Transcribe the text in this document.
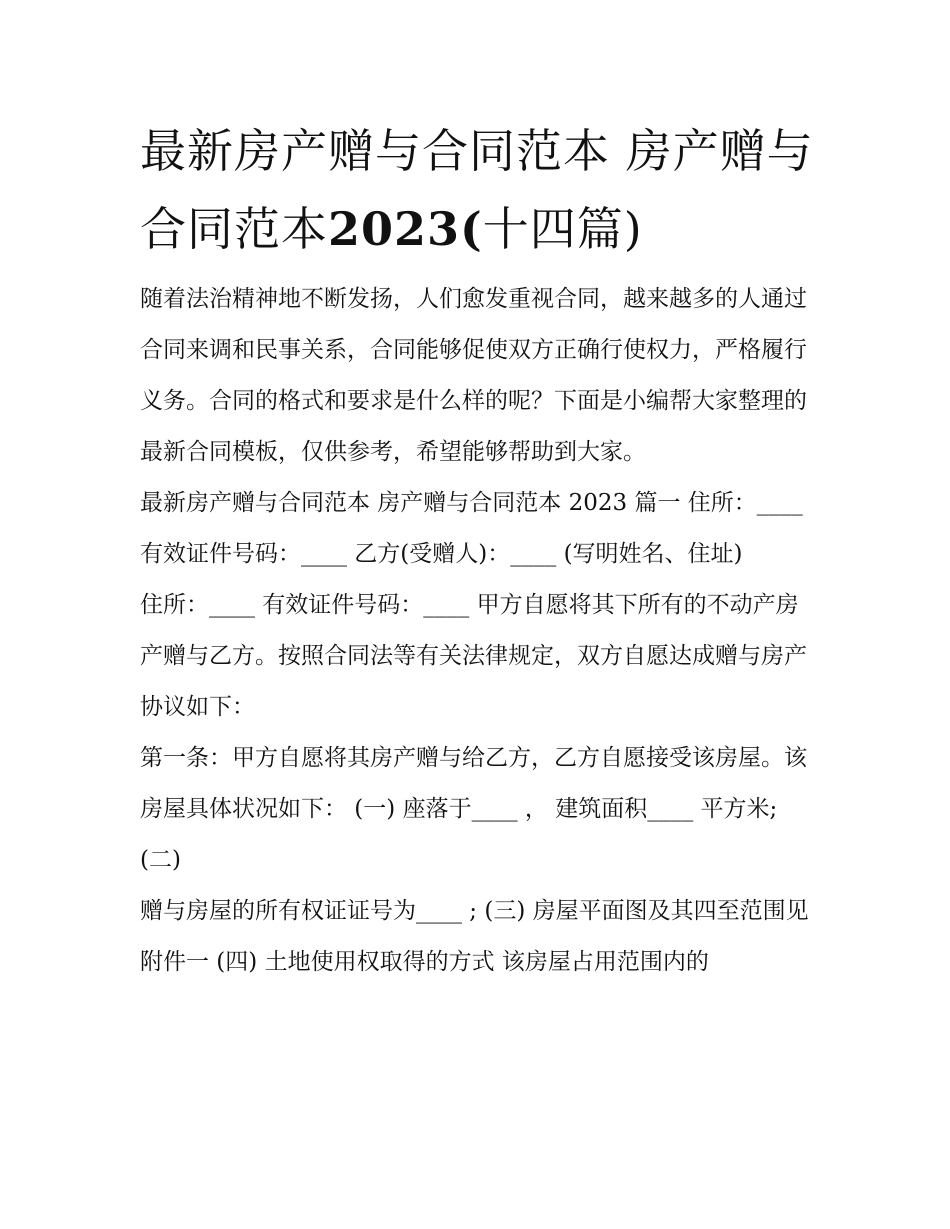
最新房产赠与合同范本 房产赠与合同范本2023(十四篇)

随着法治精神地不断发扬，人们愈发重视合同，越来越多的人通过合同来调和民事关系，合同能够促使双方正确行使权力，严格履行义务。合同的格式和要求是什么样的呢？下面是小编帮大家整理的最新合同模板，仅供参考，希望能够帮助到大家。

最新房产赠与合同范本 房产赠与合同范本 2023 篇一 住所：____ 有效证件号码：____ 乙方(受赠人)：____ (写明姓名、住址)

住所：____ 有效证件号码：____ 甲方自愿将其下所有的不动产房产赠与乙方。按照合同法等有关法律规定，双方自愿达成赠与房产协议如下：

第一条：甲方自愿将其房产赠与给乙方，乙方自愿接受该房屋。该房屋具体状况如下： (一) 座落于____ ， 建筑面积____ 平方米; (二)

赠与房屋的所有权证证号为____ ; (三) 房屋平面图及其四至范围见附件一 (四) 土地使用权取得的方式 该房屋占用范围内的
